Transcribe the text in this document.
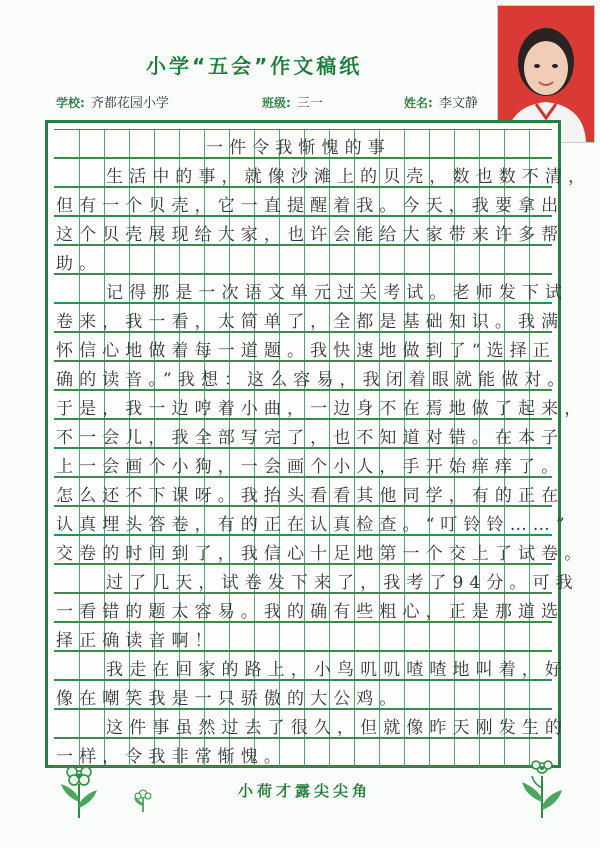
小学“五会”作文稿纸
学校: 齐都花园小学	班级: 三一	姓名: 李文静
一件令我惭愧的事
生活中的事，就像沙滩上的贝壳，数也数不清，
但有一个贝壳，它一直提醒着我。今天，我要拿出
这个贝壳展现给大家，也许会能给大家带来许多帮
助。
记得那是一次语文单元过关考试。老师发下试
卷来，我一看，太简单了，全都是基础知识。我满
怀信心地做着每一道题。我快速地做到了“选择正
确的读音。”我想：这么容易，我闭着眼就能做对。
于是，我一边哼着小曲，一边身不在焉地做了起来，
不一会儿，我全部写完了，也不知道对错。在本子
上一会画个小狗，一会画个小人，手开始痒痒了。
怎么还不下课呀。我抬头看看其他同学，有的正在
认真埋头答卷，有的正在认真检查。“叮铃铃……”
交卷的时间到了，我信心十足地第一个交上了试卷。
过了几天，试卷发下来了，我考了94分。可我
一看错的题太容易。我的确有些粗心，正是那道选
择正确读音啊！
我走在回家的路上，小鸟叽叽喳喳地叫着，好
像在嘲笑我是一只骄傲的大公鸡。
这件事虽然过去了很久，但就像昨天刚发生的
一样，令我非常惭愧。
小荷才露尖尖角
